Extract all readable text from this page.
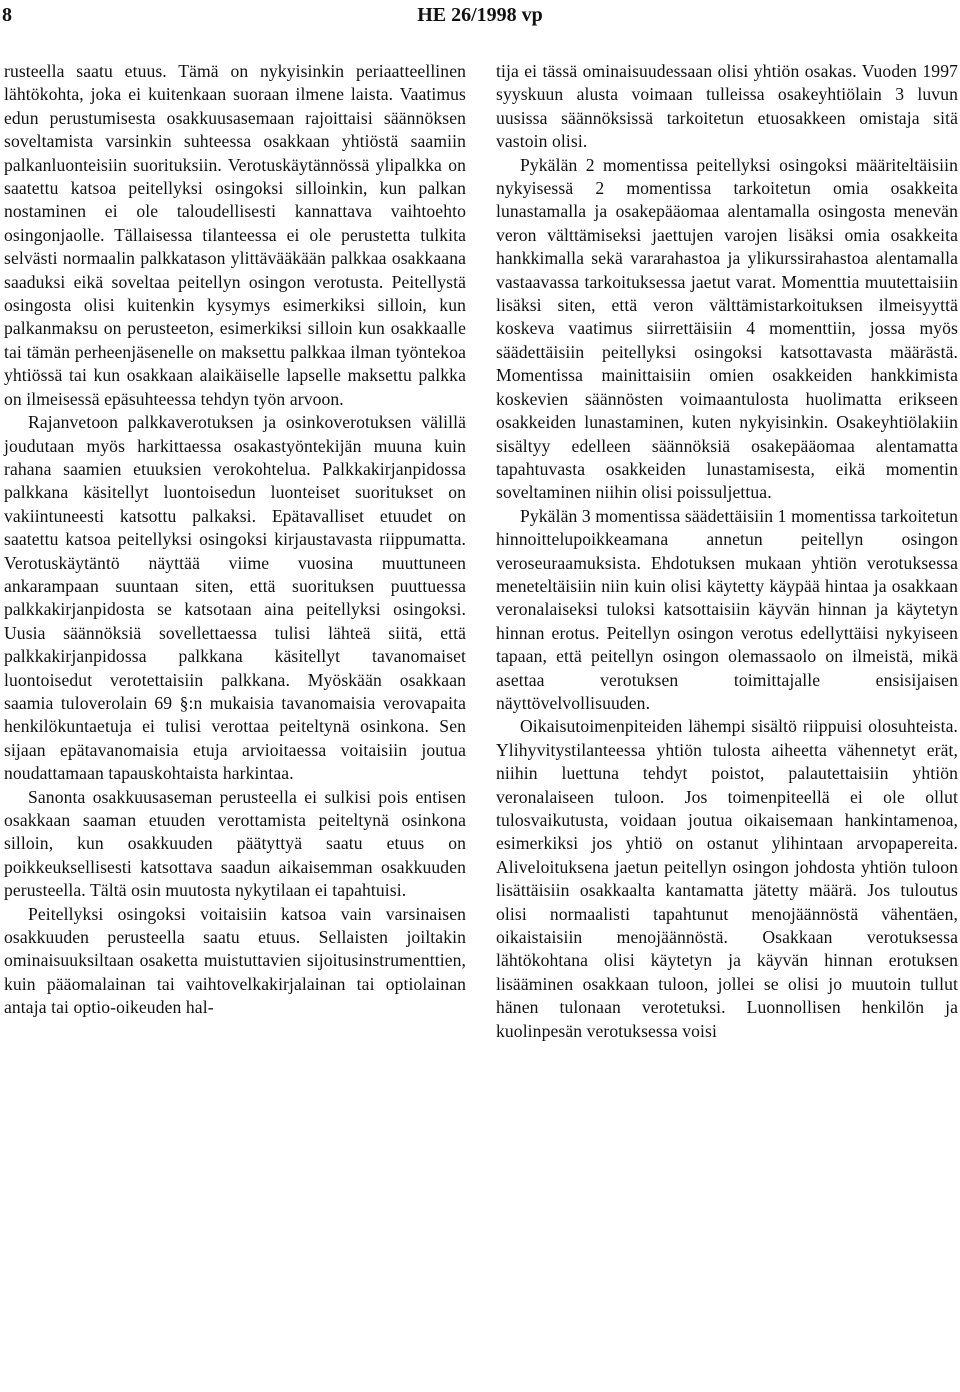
8	HE 26/1998 vp

rusteella saatu etuus. Tämä on nykyisinkin periaatteellinen lähtökohta, joka ei kuitenkaan suoraan ilmene laista. Vaatimus edun perustumisesta osakkuusasemaan rajoittaisi säännöksen soveltamista varsinkin suhteessa osakkaan yhtiöstä saamiin palkanluonteisiin suorituksiin. Verotuskäytännössä ylipalkka on saatettu katsoa peitellyksi osingoksi silloinkin, kun palkan nostaminen ei ole taloudellisesti kannattava vaihtoehto osingonjaolle. Tällaisessa tilanteessa ei ole perustetta tulkita selvästi normaalin palkkatason ylittävääkään palkkaa osakkaana saaduksi eikä soveltaa peitellyn osingon verotusta. Peitellystä osingosta olisi kuitenkin kysymys esimerkiksi silloin, kun palkanmaksu on perusteeton, esimerkiksi silloin kun osakkaalle tai tämän perheenjäsenelle on maksettu palkkaa ilman työntekoa yhtiössä tai kun osakkaan alaikäiselle lapselle maksettu palkka on ilmeisessä epäsuhteessa tehdyn työn arvoon.

Rajanvetoon palkkaverotuksen ja osinkoverotuksen välillä joudutaan myös harkittaessa osakastyöntekijän muuna kuin rahana saamien etuuksien verokohtelua. Palkkakirjanpidossa palkkana käsitellyt luontoisedun luonteiset suoritukset on vakiintuneesti katsottu palkaksi. Epätavalliset etuudet on saatettu katsoa peitellyksi osingoksi kirjaustavasta riippumatta. Verotuskäytäntö näyttää viime vuosina muuttuneen ankarampaan suuntaan siten, että suorituksen puuttuessa palkkakirjanpidosta se katsotaan aina peitellyksi osingoksi. Uusia säännöksiä sovellettaessa tulisi lähteä siitä, että palkkakirjanpidossa palkkana käsitellyt tavanomaiset luontoisedut verotettaisiin palkkana. Myöskään osakkaan saamia tuloverolain 69 §:n mukaisia tavanomaisia verovapaita henkilökuntaetuja ei tulisi verottaa peiteltynä osinkona. Sen sijaan epätavanomaisia etuja arvioitaessa voitaisiin joutua noudattamaan tapauskohtaista harkintaa.

Sanonta osakkuusaseman perusteella ei sulkisi pois entisen osakkaan saaman etuuden verottamista peiteltynä osinkona silloin, kun osakkuuden päätyttyä saatu etuus on poikkeuksellisesti katsottava saadun aikaisemman osakkuuden perusteella. Tältä osin muutosta nykytilaan ei tapahtuisi.

Peitellyksi osingoksi voitaisiin katsoa vain varsinaisen osakkuuden perusteella saatu etuus. Sellaisten joiltakin ominaisuuksiltaan osaketta muistuttavien sijoitusinstrumenttien, kuin pääomalainan tai vaihtovelkakirjalainan tai optiolainan antaja tai optio-oikeuden hal-

tija ei tässä ominaisuudessaan olisi yhtiön osakas. Vuoden 1997 syyskuun alusta voimaan tulleissa osakeyhtiölain 3 luvun uusissa säännöksissä tarkoitetun etuosakkeen omistaja sitä vastoin olisi.

Pykälän 2 momentissa peitellyksi osingoksi määriteltäisiin nykyisessä 2 momentissa tarkoitetun omia osakkeita lunastamalla ja osakepääomaa alentamalla osingosta menevän veron välttämiseksi jaettujen varojen lisäksi omia osakkeita hankkimalla sekä vararahastoa ja ylikurssirahastoa alentamalla vastaavassa tarkoituksessa jaetut varat. Momenttia muutettaisiin lisäksi siten, että veron välttämistarkoituksen ilmeisyyttä koskeva vaatimus siirrettäisiin 4 momenttiin, jossa myös säädettäisiin peitellyksi osingoksi katsottavasta määrästä. Momentissa mainittaisiin omien osakkeiden hankkimista koskevien säännösten voimaantulosta huolimatta erikseen osakkeiden lunastaminen, kuten nykyisinkin. Osakeyhtiölakiin sisältyy edelleen säännöksiä osakepääomaa alentamatta tapahtuvasta osakkeiden lunastamisesta, eikä momentin soveltaminen niihin olisi poissuljettua.

Pykälän 3 momentissa säädettäisiin 1 momentissa tarkoitetun hinnoittelupoikkeamana annetun peitellyn osingon veroseuraamuksista. Ehdotuksen mukaan yhtiön verotuksessa meneteltäisiin niin kuin olisi käytetty käypää hintaa ja osakkaan veronalaiseksi tuloksi katsottaisiin käyvän hinnan ja käytetyn hinnan erotus. Peitellyn osingon verotus edellyttäisi nykyiseen tapaan, että peitellyn osingon olemassaolo on ilmeistä, mikä asettaa verotuksen toimittajalle ensisijaisen näyttövelvollisuuden.

Oikaisutoimenpiteiden lähempi sisältö riippuisi olosuhteista. Ylihyvitystilanteessa yhtiön tulosta aiheetta vähennetyt erät, niihin luettuna tehdyt poistot, palautettaisiin yhtiön veronalaiseen tuloon. Jos toimenpiteellä ei ole ollut tulosvaikutusta, voidaan joutua oikaisemaan hankintamenoa, esimerkiksi jos yhtiö on ostanut ylihintaan arvopapereita. Aliveloituksena jaetun peitellyn osingon johdosta yhtiön tuloon lisättäisiin osakkaalta kantamatta jätetty määrä. Jos tuloutus olisi normaalisti tapahtunut menojäännöstä vähentäen, oikaistaisiin menojäännöstä. Osakkaan verotuksessa lähtökohtana olisi käytetyn ja käyvän hinnan erotuksen lisääminen osakkaan tuloon, jollei se olisi jo muutoin tullut hänen tulonaan verotetuksi. Luonnollisen henkilön ja kuolinpesän verotuksessa voisi
